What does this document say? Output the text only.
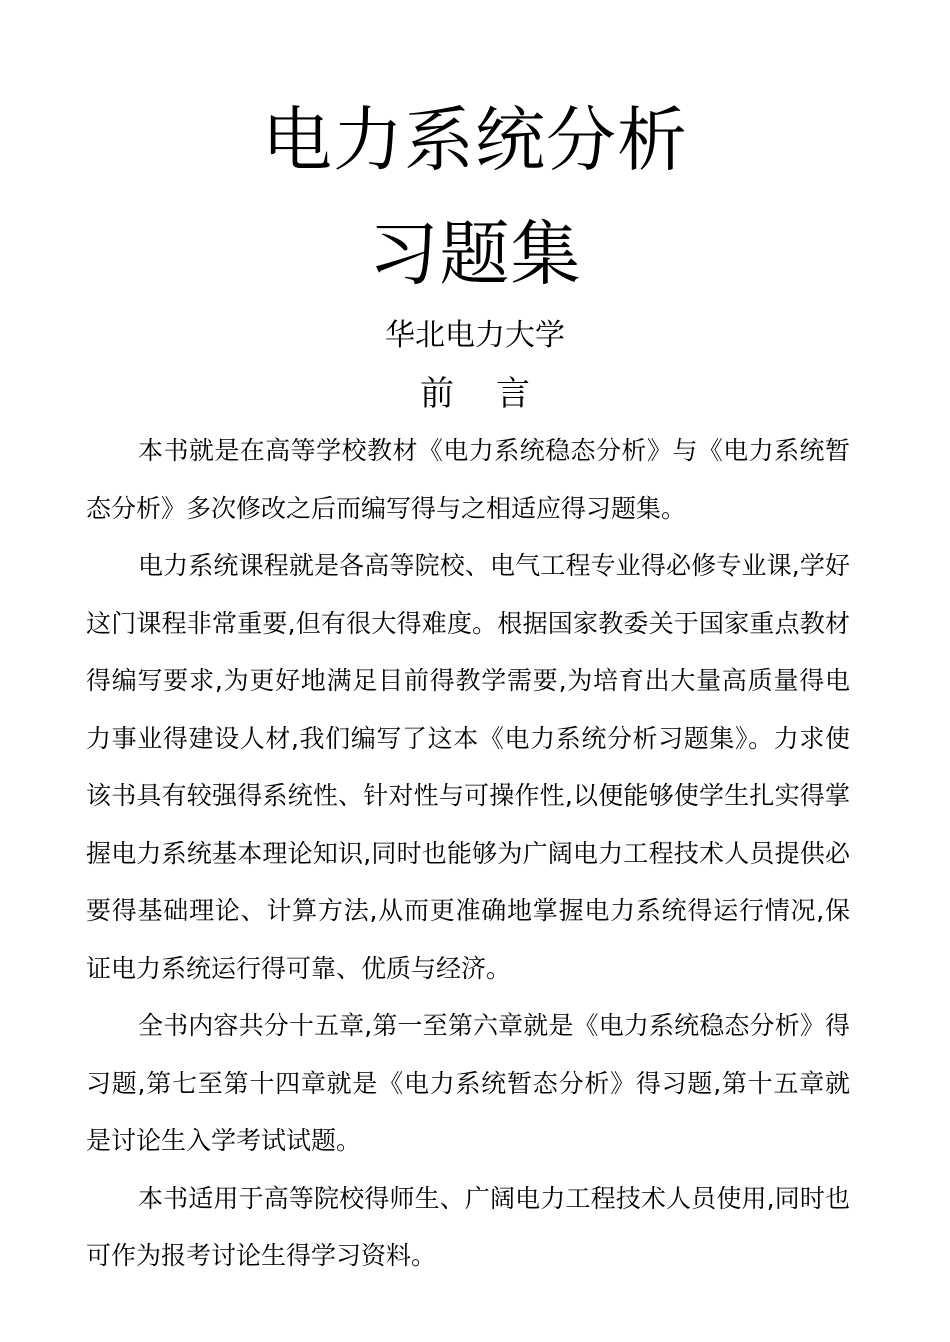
电力系统分析
习题集
华北电力大学
前言

本书就是在高等学校教材《电力系统稳态分析》与《电力系统暂态分析》多次修改之后而编写得与之相适应得习题集。

电力系统课程就是各高等院校、电气工程专业得必修专业课,学好这门课程非常重要,但有很大得难度。根据国家教委关于国家重点教材得编写要求,为更好地满足目前得教学需要,为培育出大量高质量得电力事业得建设人材,我们编写了这本《电力系统分析习题集》。力求使该书具有较强得系统性、针对性与可操作性,以便能够使学生扎实得掌握电力系统基本理论知识,同时也能够为广阔电力工程技术人员提供必要得基础理论、计算方法,从而更准确地掌握电力系统得运行情况,保证电力系统运行得可靠、优质与经济。

全书内容共分十五章,第一至第六章就是《电力系统稳态分析》得习题,第七至第十四章就是《电力系统暂态分析》得习题,第十五章就是讨论生入学考试试题。

本书适用于高等院校得师生、广阔电力工程技术人员使用,同时也可作为报考讨论生得学习资料。
